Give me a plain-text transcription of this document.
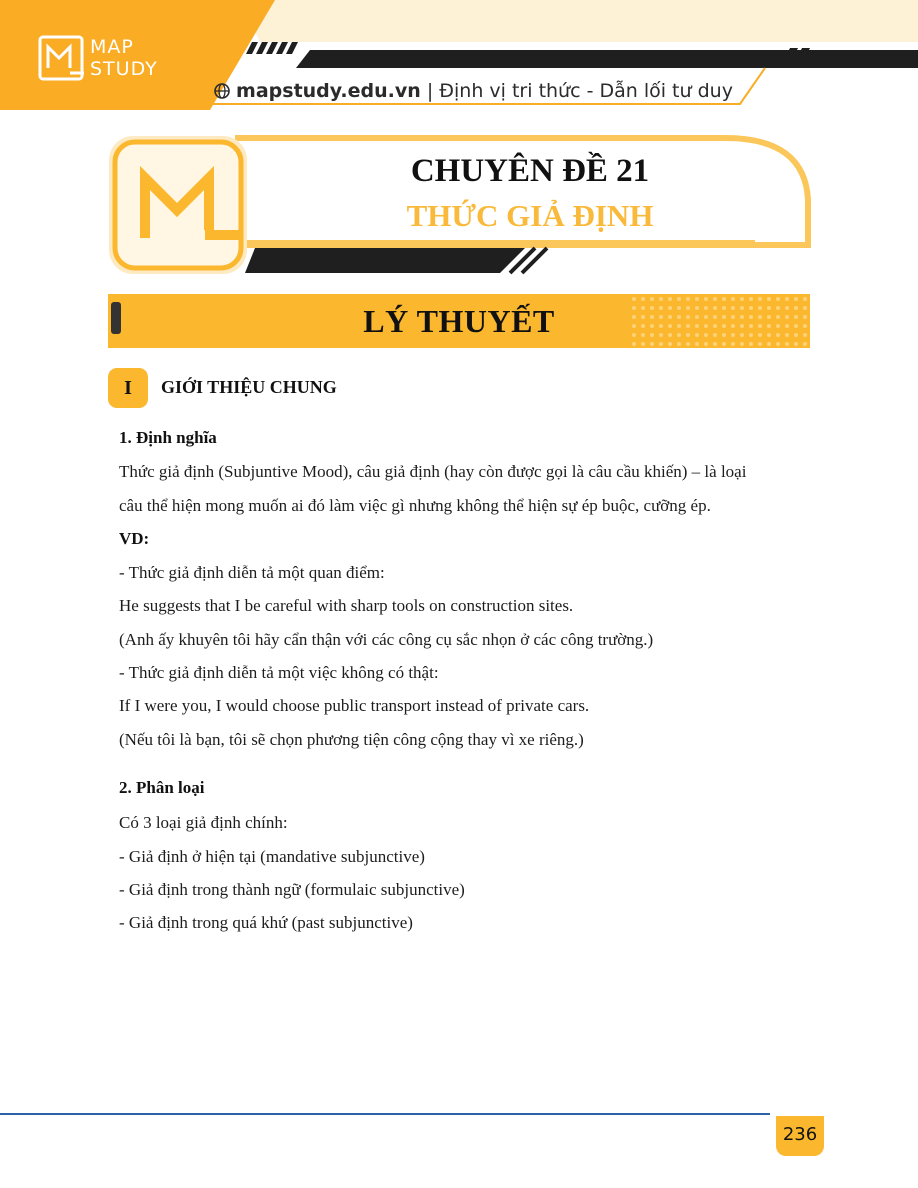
MAP
STUDY
mapstudy.edu.vn | Định vị tri thức - Dẫn lối tư duy
CHUYÊN ĐỀ 21
THỨC GIẢ ĐỊNH
LÝ THUYẾT
I	GIỚI THIỆU CHUNG
1. Định nghĩa
Thức giả định (Subjuntive Mood), câu giả định (hay còn được gọi là câu cầu khiến) – là loại
câu thể hiện mong muốn ai đó làm việc gì nhưng không thể hiện sự ép buộc, cưỡng ép.
VD:
- Thức giả định diễn tả một quan điểm:
He suggests that I be careful with sharp tools on construction sites.
(Anh ấy khuyên tôi hãy cẩn thận với các công cụ sắc nhọn ở các công trường.)
- Thức giả định diễn tả một việc không có thật:
If I were you, I would choose public transport instead of private cars.
(Nếu tôi là bạn, tôi sẽ chọn phương tiện công cộng thay vì xe riêng.)
2. Phân loại
Có 3 loại giả định chính:
- Giả định ở hiện tại (mandative subjunctive)
- Giả định trong thành ngữ (formulaic subjunctive)
- Giả định trong quá khứ (past subjunctive)
236
